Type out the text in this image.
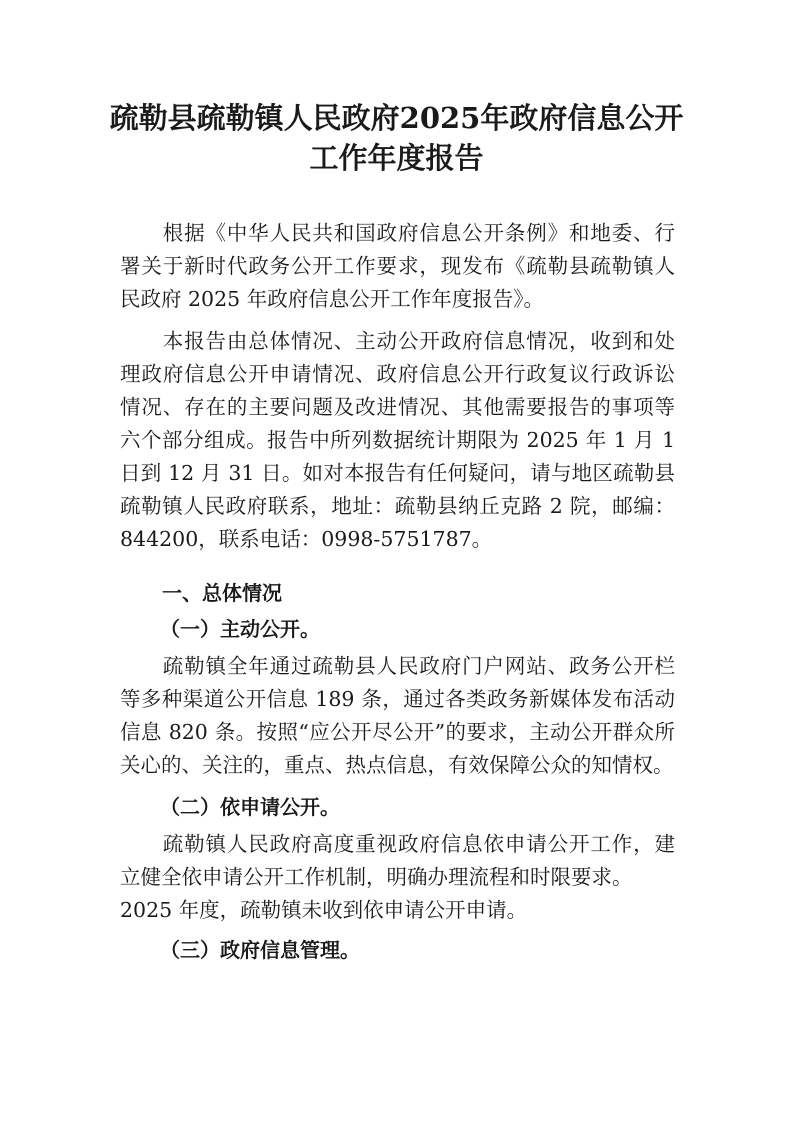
疏勒县疏勒镇人民政府2025年政府信息公开
工作年度报告
　　根据《中华人民共和国政府信息公开条例》和地委、行
署关于新时代政务公开工作要求，现发布《疏勒县疏勒镇人
民政府 2025 年政府信息公开工作年度报告》。
　　本报告由总体情况、主动公开政府信息情况，收到和处
理政府信息公开申请情况、政府信息公开行政复议行政诉讼
情况、存在的主要问题及改进情况、其他需要报告的事项等
六个部分组成。报告中所列数据统计期限为 2025 年 1 月 1
日到 12 月 31 日。如对本报告有任何疑问，请与地区疏勒县
疏勒镇人民政府联系，地址：疏勒县纳丘克路 2 院，邮编：
844200，联系电话：0998-5751787。
一、总体情况
（一）主动公开。
　　疏勒镇全年通过疏勒县人民政府门户网站、政务公开栏
等多种渠道公开信息 189 条，通过各类政务新媒体发布活动
信息 820 条。按照“应公开尽公开”的要求，主动公开群众所
关心的、关注的，重点、热点信息，有效保障公众的知情权。
（二）依申请公开。
　　疏勒镇人民政府高度重视政府信息依申请公开工作，建
立健全依申请公开工作机制，明确办理流程和时限要求。
2025 年度，疏勒镇未收到依申请公开申请。
（三）政府信息管理。
